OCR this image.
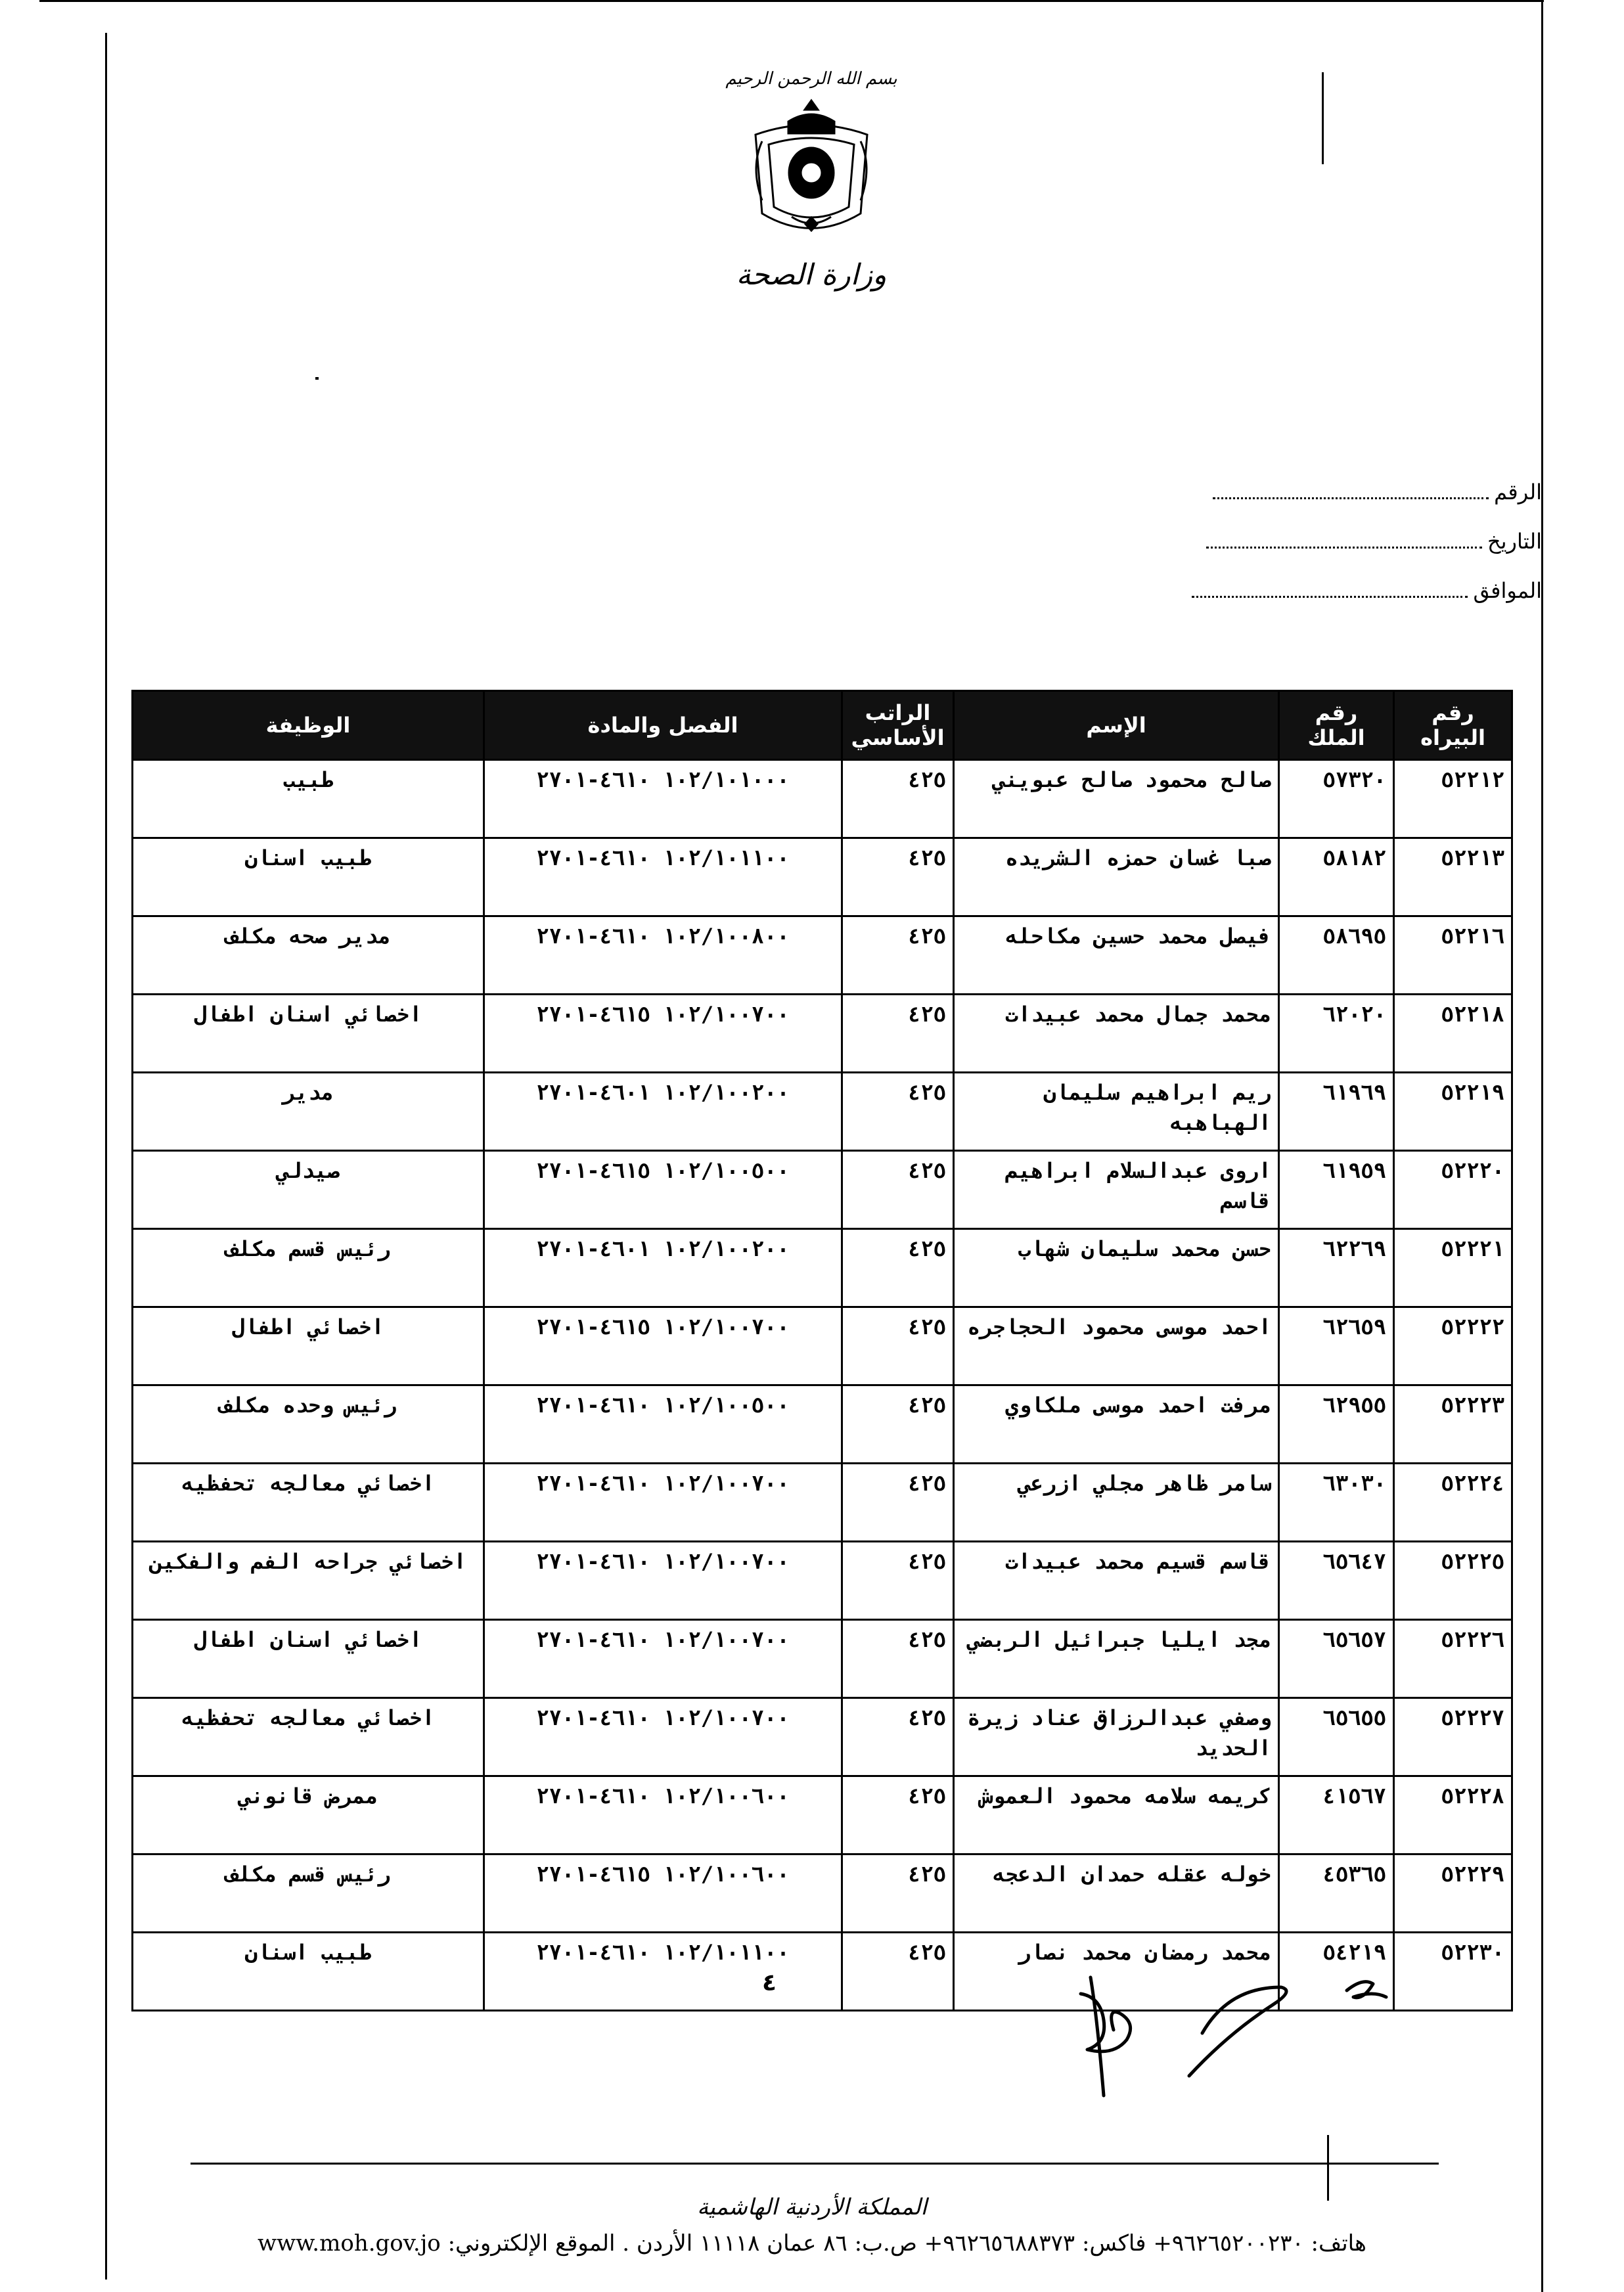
بسم الله الرحمن الرحيم
وزارة الصحة
الرقم
التاريخ
الموافق
رقم البيراه	رقم الملك	الإسم	الراتب الأساسي	الفصل والمادة	الوظيفة
٥٢٢١٢	٥٧٣٢٠	صالح محمود صالح عبويني	٤٢٥	١٠٢/١٠١٠٠٠ ٤٦١٠-٢٧٠١	طبيب
٥٢٢١٣	٥٨١٨٢	صبا غسان حمزه الشريده	٤٢٥	١٠٢/١٠١١٠٠ ٤٦١٠-٢٧٠١	طبيب اسنان
٥٢٢١٦	٥٨٦٩٥	فيصل محمد حسين مكاحله	٤٢٥	١٠٢/١٠٠٨٠٠ ٤٦١٠-٢٧٠١	مدير صحه مكلف
٥٢٢١٨	٦٢٠٢٠	محمد جمال محمد عبيدات	٤٢٥	١٠٢/١٠٠٧٠٠ ٤٦١٥-٢٧٠١	اخصائي اسنان اطفال
٥٢٢١٩	٦١٩٦٩	ريم ابراهيم سليمان الهباهبه	٤٢٥	١٠٢/١٠٠٢٠٠ ٤٦٠١-٢٧٠١	مدير
٥٢٢٢٠	٦١٩٥٩	اروى عبدالسلام ابراهيم قاسم	٤٢٥	١٠٢/١٠٠٥٠٠ ٤٦١٥-٢٧٠١	صيدلي
٥٢٢٢١	٦٢٢٦٩	حسن محمد سليمان شهاب	٤٢٥	١٠٢/١٠٠٢٠٠ ٤٦٠١-٢٧٠١	رئيس قسم مكلف
٥٢٢٢٢	٦٢٦٥٩	احمد موسى محمود الحجاجره	٤٢٥	١٠٢/١٠٠٧٠٠ ٤٦١٥-٢٧٠١	اخصائي اطفال
٥٢٢٢٣	٦٢٩٥٥	مرفت احمد موسى ملكاوي	٤٢٥	١٠٢/١٠٠٥٠٠ ٤٦١٠-٢٧٠١	رئيس وحده مكلف
٥٢٢٢٤	٦٣٠٣٠	سامر ظاهر مجلي ازرعي	٤٢٥	١٠٢/١٠٠٧٠٠ ٤٦١٠-٢٧٠١	اخصائي معالجه تحفظيه
٥٢٢٢٥	٦٥٦٤٧	قاسم قسيم محمد عبيدات	٤٢٥	١٠٢/١٠٠٧٠٠ ٤٦١٠-٢٧٠١	اخصائي جراحه الفم والفكين
٥٢٢٢٦	٦٥٦٥٧	مجد ايليا جبرائيل الربضي	٤٢٥	١٠٢/١٠٠٧٠٠ ٤٦١٠-٢٧٠١	اخصائي اسنان اطفال
٥٢٢٢٧	٦٥٦٥٥	وصفي عبدالرزاق عناد زيرة الحديد	٤٢٥	١٠٢/١٠٠٧٠٠ ٤٦١٠-٢٧٠١	اخصائي معالجه تحفظيه
٥٢٢٢٨	٤١٥٦٧	كريمه سلامه محمود العموش	٤٢٥	١٠٢/١٠٠٦٠٠ ٤٦١٠-٢٧٠١	ممرض قانوني
٥٢٢٢٩	٤٥٣٦٥	خوله عقله حمدان الدعجه	٤٢٥	١٠٢/١٠٠٦٠٠ ٤٦١٥-٢٧٠١	رئيس قسم مكلف
٥٢٢٣٠	٥٤٢١٩	محمد رمضان محمد نصار	٤٢٥	١٠٢/١٠١١٠٠ ٤٦١٠-٢٧٠١	طبيب اسنان
٤
المملكة الأردنية الهاشمية
هاتف: ٩٦٢٦٥٢٠٠٢٣٠+ فاكس: ٩٦٢٦٥٦٨٨٣٧٣+ ص.ب: ٨٦ عمان ١١١١٨ الأردن . الموقع الإلكتروني: www.moh.gov.jo
